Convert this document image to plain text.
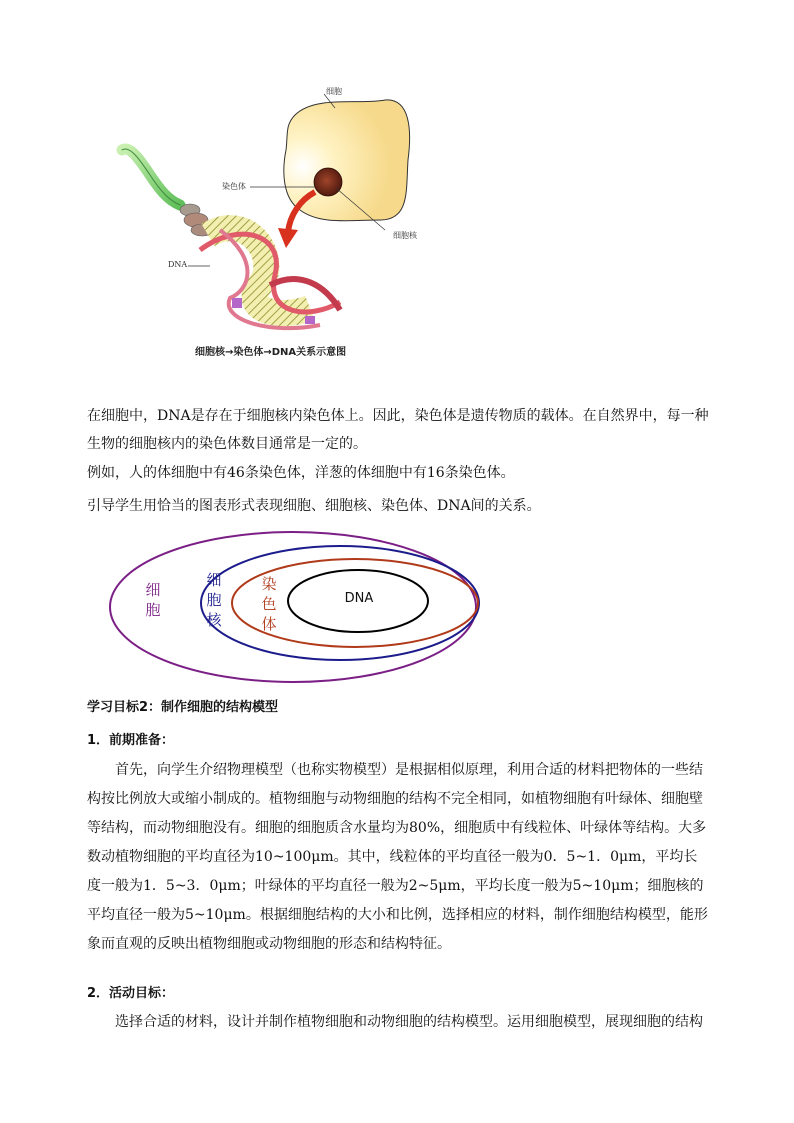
细胞
染色体
DNA
细胞核
细胞核→染色体→DNA关系示意图
在细胞中，DNA是存在于细胞核内染色体上。因此，染色体是遗传物质的载体。在自然界中，每一种生物的细胞核内的染色体数目通常是一定的。
例如，人的体细胞中有46条染色体，洋葱的体细胞中有16条染色体。
引导学生用恰当的图表形式表现细胞、细胞核、染色体、DNA间的关系。
细
胞
细
胞
核
染
色
体
DNA
学习目标2：制作细胞的结构模型
1．前期准备：
首先，向学生介绍物理模型（也称实物模型）是根据相似原理，利用合适的材料把物体的一些结构按比例放大或缩小制成的。植物细胞与动物细胞的结构不完全相同，如植物细胞有叶绿体、细胞壁等结构，而动物细胞没有。细胞的细胞质含水量均为80%，细胞质中有线粒体、叶绿体等结构。大多数动植物细胞的平均直径为10~100μm。其中，线粒体的平均直径一般为0．5~1．0μm，平均长度一般为1．5~3．0μm；叶绿体的平均直径一般为2~5μm，平均长度一般为5~10μm；细胞核的平均直径一般为5~10μm。根据细胞结构的大小和比例，选择相应的材料，制作细胞结构模型，能形象而直观的反映出植物细胞或动物细胞的形态和结构特征。
2．活动目标：
选择合适的材料，设计并制作植物细胞和动物细胞的结构模型。运用细胞模型，展现细胞的结构
